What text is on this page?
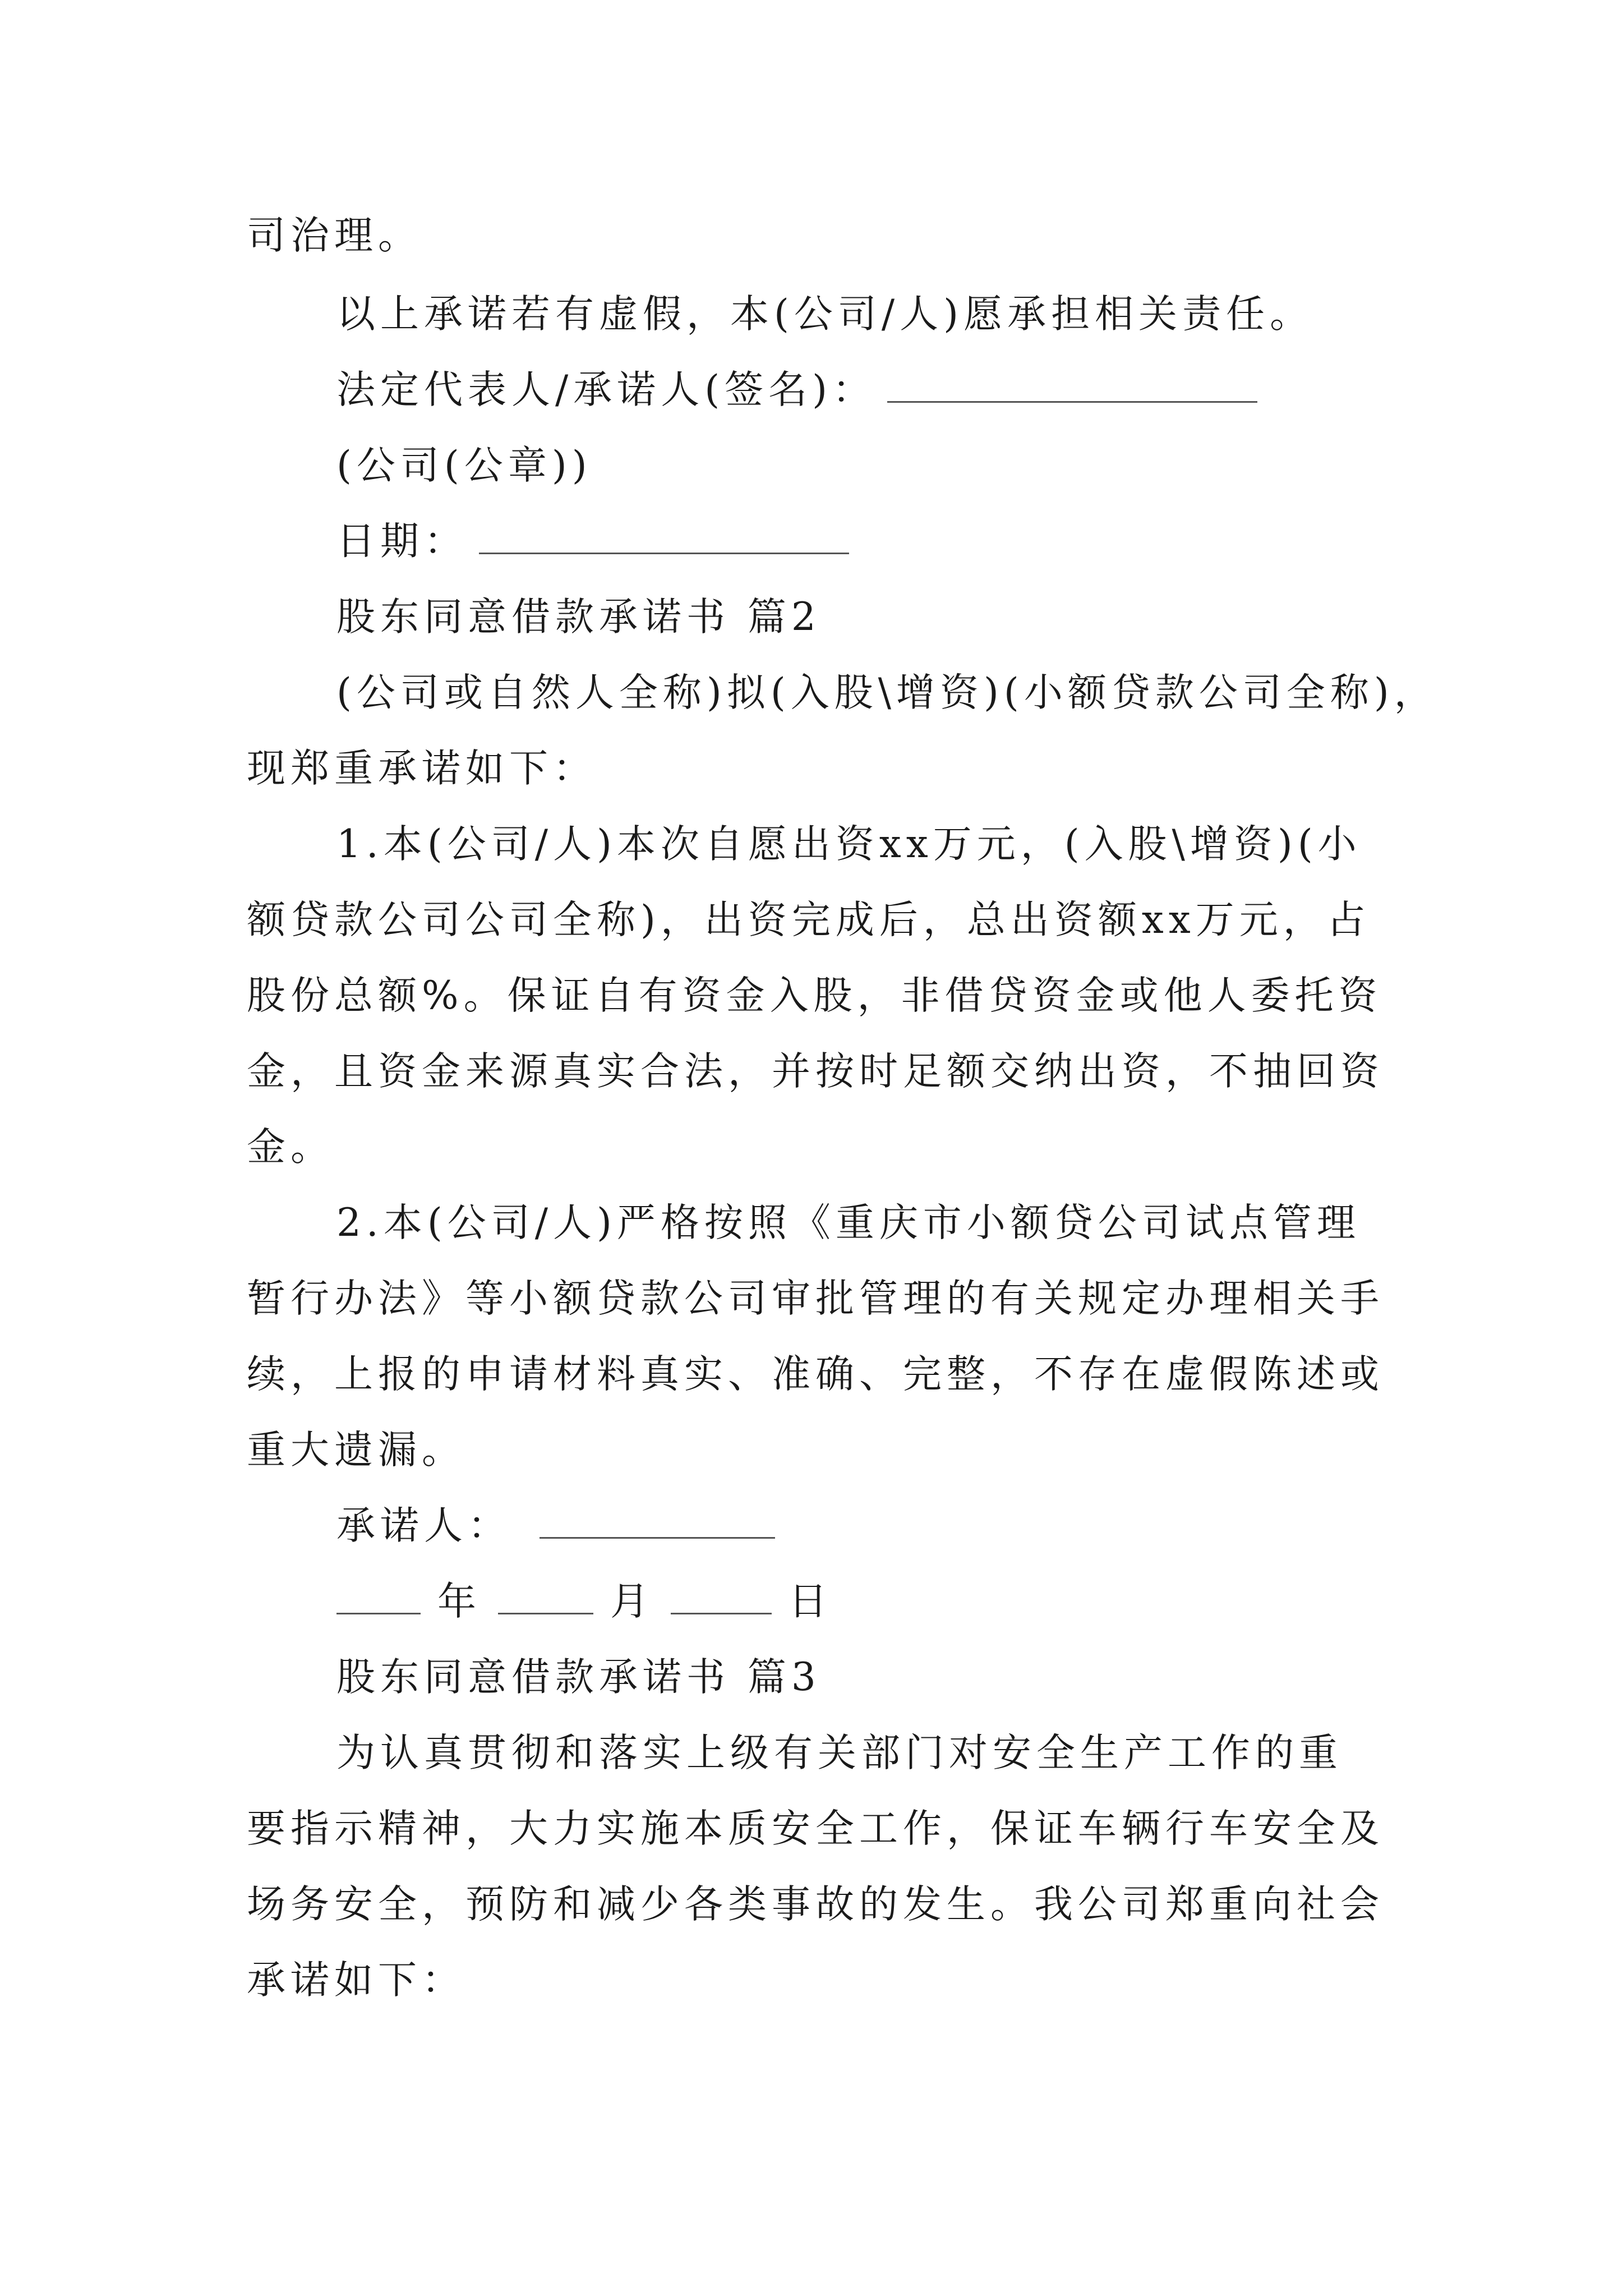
司治理。
以上承诺若有虚假，本(公司/人)愿承担相关责任。
法定代表人/承诺人(签名)：
(公司(公章))
日期：
股东同意借款承诺书 篇2
(公司或自然人全称)拟(入股\增资)(小额贷款公司全称)，
现郑重承诺如下：
1.本(公司/人)本次自愿出资xx万元，(入股\增资)(小
额贷款公司公司全称)，出资完成后，总出资额xx万元，占
股份总额%。保证自有资金入股，非借贷资金或他人委托资
金，且资金来源真实合法，并按时足额交纳出资，不抽回资
金。
2.本(公司/人)严格按照《重庆市小额贷公司试点管理
暂行办法》等小额贷款公司审批管理的有关规定办理相关手
续，上报的申请材料真实、准确、完整，不存在虚假陈述或
重大遗漏。
承诺人：
年	月	日
股东同意借款承诺书 篇3
为认真贯彻和落实上级有关部门对安全生产工作的重
要指示精神，大力实施本质安全工作，保证车辆行车安全及
场务安全，预防和减少各类事故的发生。我公司郑重向社会
承诺如下：
